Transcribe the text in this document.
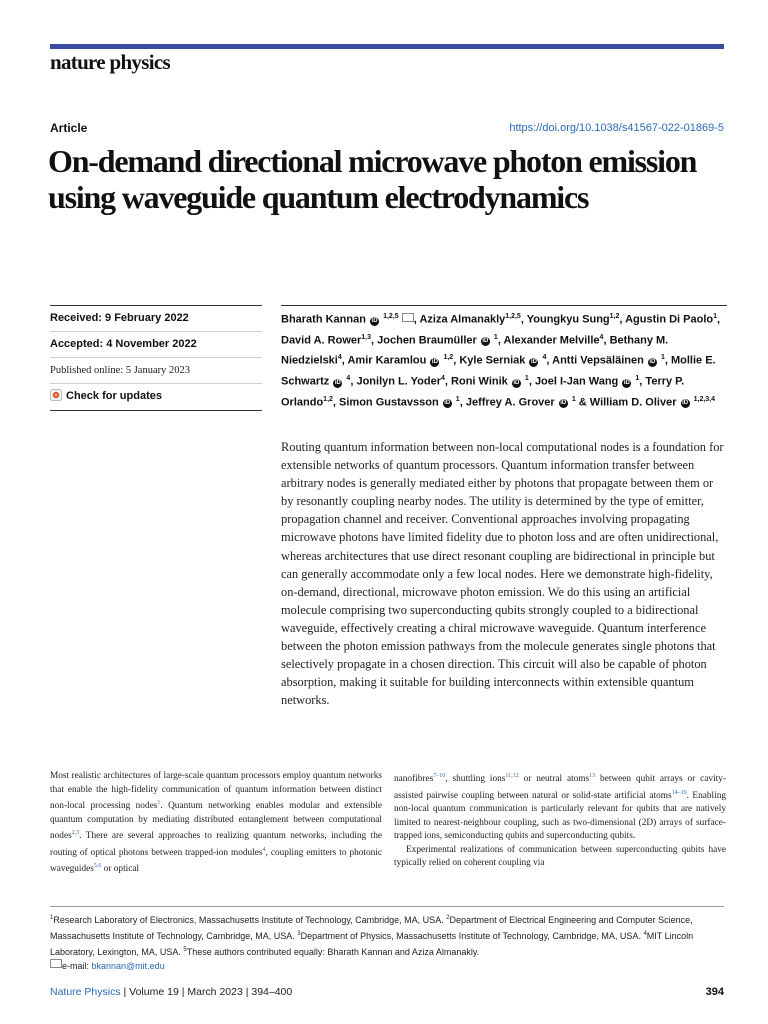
nature physics
Article	https://doi.org/10.1038/s41567-022-01869-5
On-demand directional microwave photon emission using waveguide quantum electrodynamics
Received: 9 February 2022
Accepted: 4 November 2022
Published online: 5 January 2023
Check for updates

Bharath Kannan iD $^{1,2,5}$ , Aziza Almanakly$^{1,2,5}$, Youngkyu Sung$^{1,2}$, Agustin Di Paolo$^1$, David A. Rower$^{1,3}$, Jochen Braumüller iD $^1$, Alexander Melville$^4$, Bethany M. Niedzielski$^4$, Amir Karamlou iD $^{1,2}$, Kyle Serniak iD $^4$, Antti Vepsäläinen iD $^1$, Mollie E. Schwartz iD $^4$, Jonilyn L. Yoder$^4$, Roni Winik iD $^1$, Joel I-Jan Wang iD $^1$, Terry P. Orlando$^{1,2}$, Simon Gustavsson iD $^1$, Jeffrey A. Grover iD $^1$ & William D. Oliver iD $^{1,2,3,4}$

Routing quantum information between non-local computational nodes is a foundation for extensible networks of quantum processors. Quantum information transfer between arbitrary nodes is generally mediated either by photons that propagate between them or by resonantly coupling nearby nodes. The utility is determined by the type of emitter, propagation channel and receiver. Conventional approaches involving propagating microwave photons have limited fidelity due to photon loss and are often unidirectional, whereas architectures that use direct resonant coupling are bidirectional in principle but can generally accommodate only a few local nodes. Here we demonstrate high-fidelity, on-demand, directional, microwave photon emission. We do this using an artificial molecule comprising two superconducting qubits strongly coupled to a bidirectional waveguide, effectively creating a chiral microwave waveguide. Quantum interference between the photon emission pathways from the molecule generates single photons that selectively propagate in a chosen direction. This circuit will also be capable of photon absorption, making it suitable for building interconnects within extensible quantum networks.

Most realistic architectures of large-scale quantum processors employ quantum networks that enable the high-fidelity communication of quantum information between distinct non-local processing nodes$^1$. Quantum networking enables modular and extensible quantum computation by mediating distributed entanglement between computational nodes$^{2,3}$. There are several approaches to realizing quantum networks, including the routing of optical photons between trapped-ion modules$^4$, coupling emitters to photonic waveguides$^{5,6}$ or optical

nanofibres$^{7-10}$, shuttling ions$^{11,12}$ or neutral atoms$^{13}$ between qubit arrays or cavity-assisted pairwise coupling between natural or solid-state artificial atoms$^{14-19}$. Enabling non-local quantum communication is particularly relevant for qubits that are natively limited to nearest-neighbour coupling, such as two-dimensional (2D) arrays of surface-trapped ions, semiconducting qubits and superconducting qubits.
Experimental realizations of communication between superconducting qubits have typically relied on coherent coupling via

$^1$Research Laboratory of Electronics, Massachusetts Institute of Technology, Cambridge, MA, USA. $^2$Department of Electrical Engineering and Computer Science, Massachusetts Institute of Technology, Cambridge, MA, USA. $^3$Department of Physics, Massachusetts Institute of Technology, Cambridge, MA, USA. $^4$MIT Lincoln Laboratory, Lexington, MA, USA. $^5$These authors contributed equally: Bharath Kannan and Aziza Almanakly.
e-mail: bkannan@mit.edu

Nature Physics | Volume 19 | March 2023 | 394–400	394
